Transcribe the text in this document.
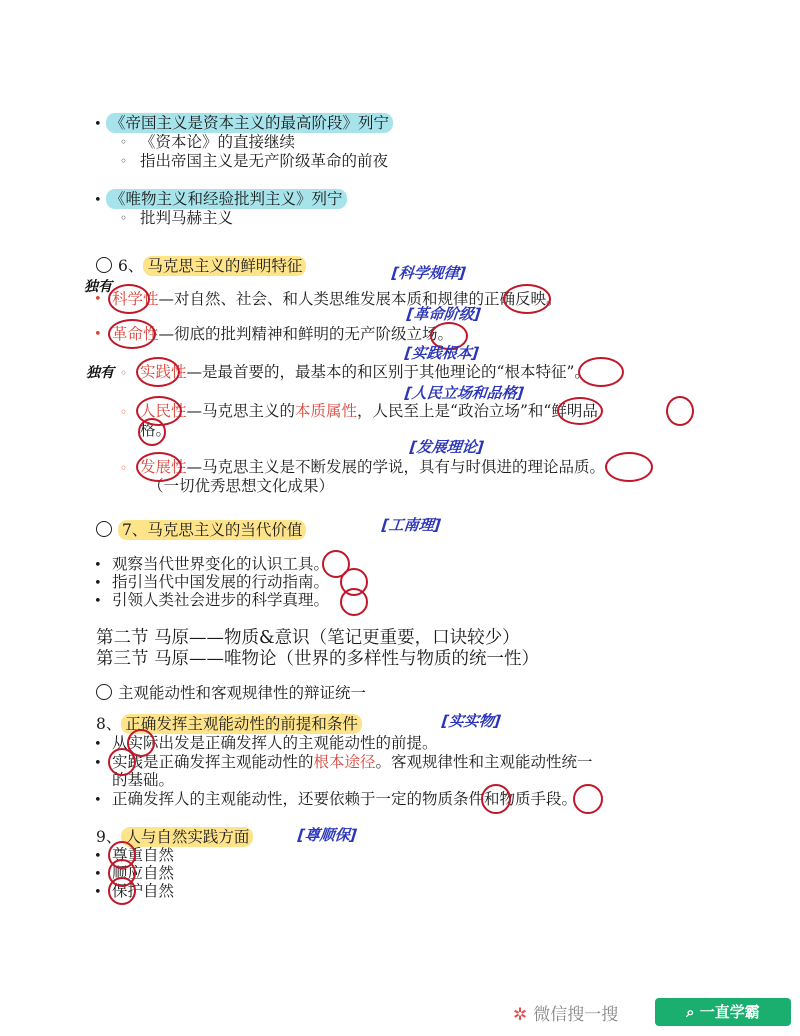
• 《帝国主义是资本主义的最高阶段》列宁
◦ 《资本论》的直接继续
◦ 指出帝国主义是无产阶级革命的前夜
• 《唯物主义和经验批判主义》列宁
◦ 批判马赫主义
6、 马克思主义的鲜明特征	[科学规律]
独有
• 科学性—对自然、社会、和人类思维发展本质和规律的正确反映。
[革命阶级]
• 革命性—彻底的批判精神和鲜明的无产阶级立场。
[实践根本]
独有 ◦ 实践性—是最首要的，最基本的和区别于其他理论的“根本特征”。
[人民立场和品格]
◦ 人民性—马克思主义的本质属性，人民至上是“政治立场”和“鲜明品
格。
[发展理论]
◦ 发展性—马克思主义是不断发展的学说，具有与时俱进的理论品质。
（一切优秀思想文化成果）
7、马克思主义的当代价值	[工南理]
• 观察当代世界变化的认识工具。
• 指引当代中国发展的行动指南。
• 引领人类社会进步的科学真理。
第二节 马原——物质&意识（笔记更重要，口诀较少）
第三节 马原——唯物论（世界的多样性与物质的统一性）
主观能动性和客观规律性的辩证统一
8、 正确发挥主观能动性的前提和条件	[实实物]
• 从实际出发是正确发挥人的主观能动性的前提。
• 实践是正确发挥主观能动性的根本途径。客观规律性和主观能动性统一
的基础。
• 正确发挥人的主观能动性，还要依赖于一定的物质条件和物质手段。
9、 人与自然实践方面	[尊顺保]
• 尊重自然
• 顺应自然
• 保护自然
✲ 微信搜一搜	⌕ 一直学霸
